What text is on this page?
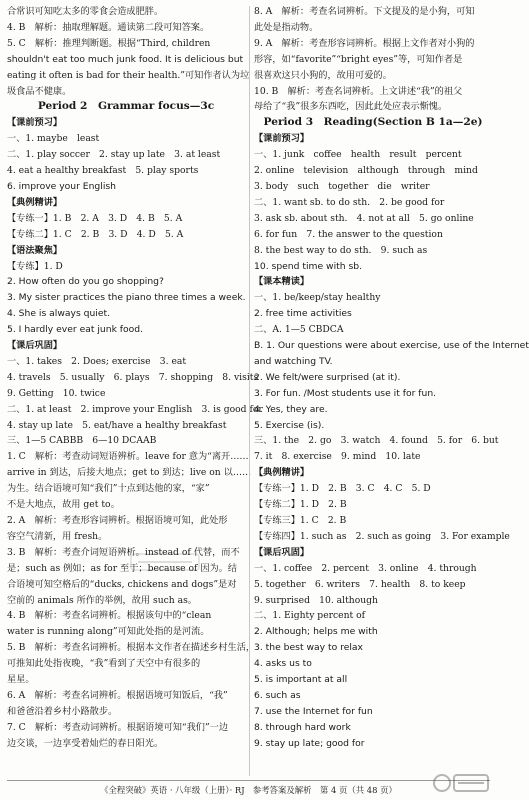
合常识可知吃太多的零食会造成肥胖。
4. B　解析：抽取理解题。通读第二段可知答案。
5. C　解析：推理判断题。根据“Third, children
shouldn't eat too much junk food. It is delicious but
eating it often is bad for their health.”可知作者认为垃
圾食品不健康。
Period 2　Grammar focus—3c
【课前预习】
一、1. maybe　least
二、1. play soccer　2. stay up late　3. at least
4. eat a healthy breakfast　5. play sports
6. improve your English
【典例精讲】
【专练一】1. B　2. A　3. D　4. B　5. A
【专练二】1. C　2. B　3. D　4. D　5. A
【语法聚焦】
【专练】1. D
2. How often do you go shopping?
3. My sister practices the piano three times a week.
4. She is always quiet.
5. I hardly ever eat junk food.
【课后巩固】
一、1. takes　2. Does; exercise　3. eat
4. travels　5. usually　6. plays　7. shopping　8. visits
9. Getting　10. twice
二、1. at least　2. improve your English　3. is good for
4. stay up late　5. eat/have a healthy breakfast
三、1—5 CABBB　6—10 DCAAB
1. C　解析：考查动词短语辨析。leave for 意为“离开……
arrive in 到达，后接大地点；get to 到达；live on 以……
为生。结合语境可知“我们”十点到达他的家，“家”
不是大地点，故用 get to。
2. A　解析：考查形容词辨析。根据语境可知，此处形
容空气清新，用 fresh。
3. B　解析：考查介词短语辨析。instead of 代替，而不
是；such as 例如；as for 至于；because of 因为。结
合语境可知空格后的“ducks, chickens and dogs”是对
空前的 animals 所作的举例，故用 such as。
4. B　解析：考查名词辨析。根据该句中的“clean
water is running along”可知此处指的是河流。
5. B　解析：考查名词辨析。根据本文作者在描述乡村生活，
可推知此处指夜晚，“我”看到了天空中有很多的
星星。
6. A　解析：考查名词辨析。根据语境可知饭后，“我”
和爸爸沿着乡村小路散步。
7. C　解析：考查动词辨析。根据语境可知“我们”一边
边交谈，一边享受着灿烂的春日阳光。
8. A　解析：考查名词辨析。下文提及的是小狗，可知
此处是指动物。
9. A　解析：考查形容词辨析。根据上文作者对小狗的
形容，如“favorite”“bright eyes”等，可知作者是
很喜欢这只小狗的，故用可爱的。
10. B　解析：考查名词辨析。上文讲述“我”的祖父
母给了“我”很多东西吃，因此此处应表示惭愧。
Period 3　Reading(Section B 1a—2e)
【课前预习】
一、1. junk　coffee　health　result　percent
2. online　television　although　through　mind
3. body　such　together　die　writer
二、1. want sb. to do sth.　2. be good for
3. ask sb. about sth.　4. not at all　5. go online
6. for fun　7. the answer to the question
8. the best way to do sth.　9. such as
10. spend time with sb.
【课本精读】
一、1. be/keep/stay healthy
2. free time activities
二、A. 1—5 CBDCA
B. 1. Our questions were about exercise, use of the Internet
and watching TV.
2. We felt/were surprised (at it).
3. For fun. /Most students use it for fun.
4. Yes, they are.
5. Exercise (is).
三、1. the　2. go　3. watch　4. found　5. for　6. but
7. it　8. exercise　9. mind　10. late
【典例精讲】
【专练一】1. D　2. B　3. C　4. C　5. D
【专练二】1. D　2. B
【专练三】1. C　2. B
【专练四】1. such as　2. such as going　3. For example
【课后巩固】
一、1. coffee　2. percent　3. online　4. through
5. together　6. writers　7. health　8. to keep
9. surprised　10. although
二、1. Eighty percent of
2. Although; helps me with
3. the best way to relax
4. asks us to
5. is important at all
6. such as
7. use the Internet for fun
8. through hard work
9. stay up late; good for
《全程突破》英语 · 八年级（上册）· RJ　参考答案及解析　第 4 页（共 48 页）
